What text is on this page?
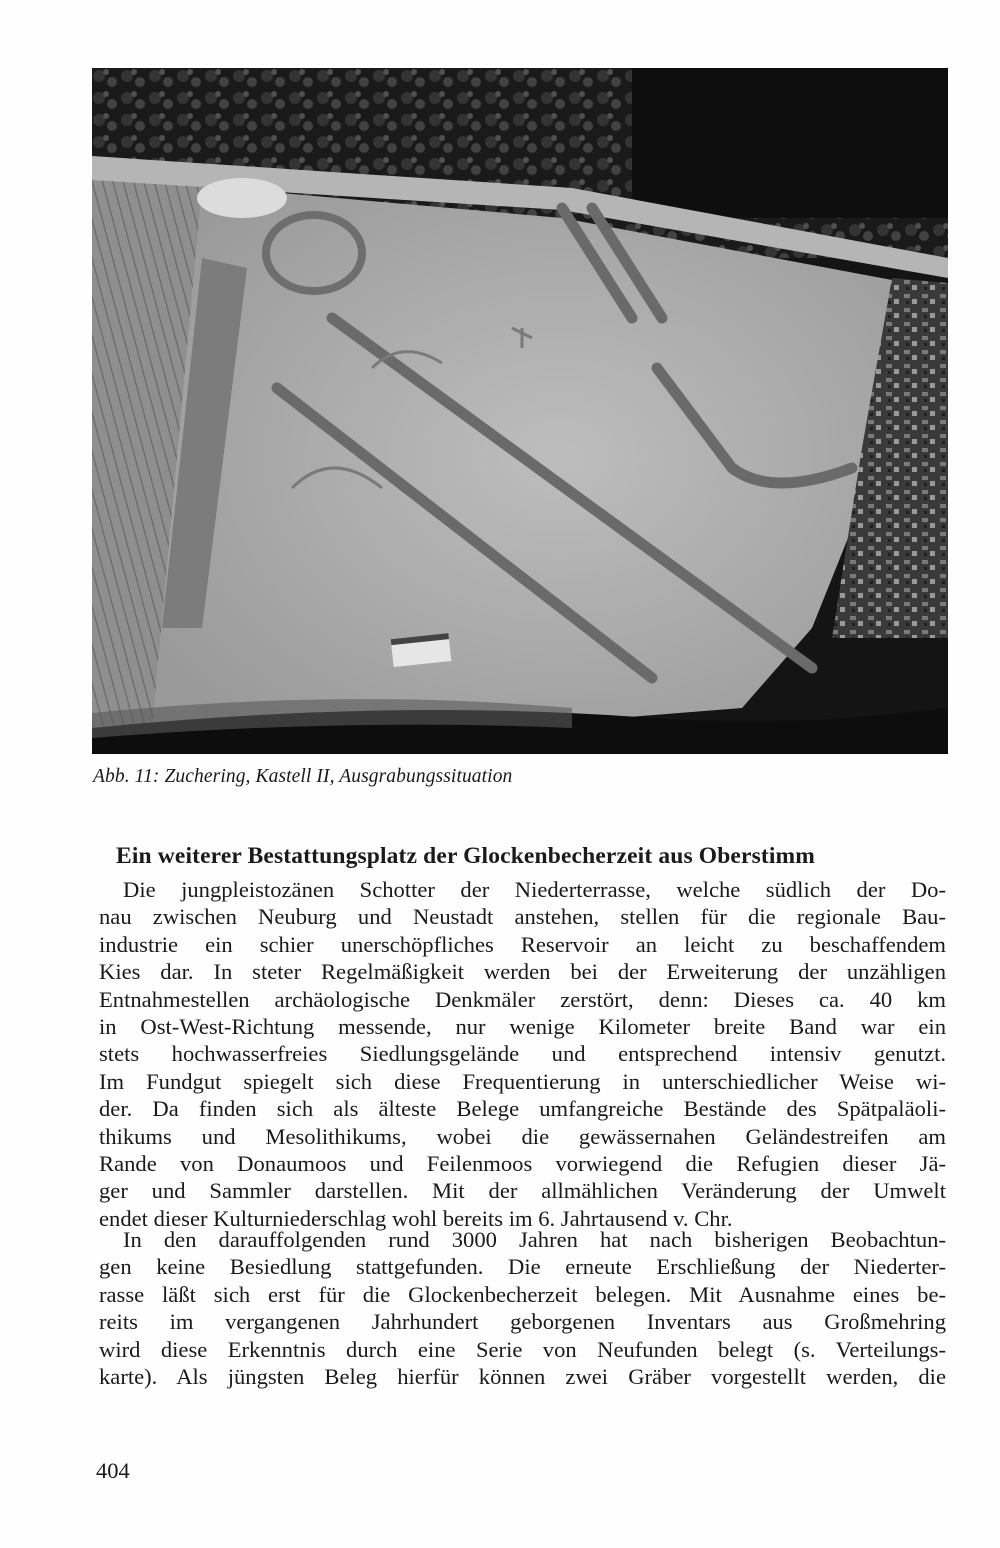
Abb. 11: Zuchering, Kastell II, Ausgrabungssituation
Ein weiterer Bestattungsplatz der Glockenbecherzeit aus Oberstimm
Die jungpleistozänen Schotter der Niederterrasse, welche südlich der Do-
nau zwischen Neuburg und Neustadt anstehen, stellen für die regionale Bau-
industrie ein schier unerschöpfliches Reservoir an leicht zu beschaffendem
Kies dar. In steter Regelmäßigkeit werden bei der Erweiterung der unzähligen
Entnahmestellen archäologische Denkmäler zerstört, denn: Dieses ca. 40 km
in Ost-West-Richtung messende, nur wenige Kilometer breite Band war ein
stets hochwasserfreies Siedlungsgelände und entsprechend intensiv genutzt.
Im Fundgut spiegelt sich diese Frequentierung in unterschiedlicher Weise wi-
der. Da finden sich als älteste Belege umfangreiche Bestände des Spätpaläoli-
thikums und Mesolithikums, wobei die gewässernahen Geländestreifen am
Rande von Donaumoos und Feilenmoos vorwiegend die Refugien dieser Jä-
ger und Sammler darstellen. Mit der allmählichen Veränderung der Umwelt
endet dieser Kulturniederschlag wohl bereits im 6. Jahrtausend v. Chr.
In den darauffolgenden rund 3000 Jahren hat nach bisherigen Beobachtun-
gen keine Besiedlung stattgefunden. Die erneute Erschließung der Niederter-
rasse läßt sich erst für die Glockenbecherzeit belegen. Mit Ausnahme eines be-
reits im vergangenen Jahrhundert geborgenen Inventars aus Großmehring
wird diese Erkenntnis durch eine Serie von Neufunden belegt (s. Verteilungs-
karte). Als jüngsten Beleg hierfür können zwei Gräber vorgestellt werden, die
404
